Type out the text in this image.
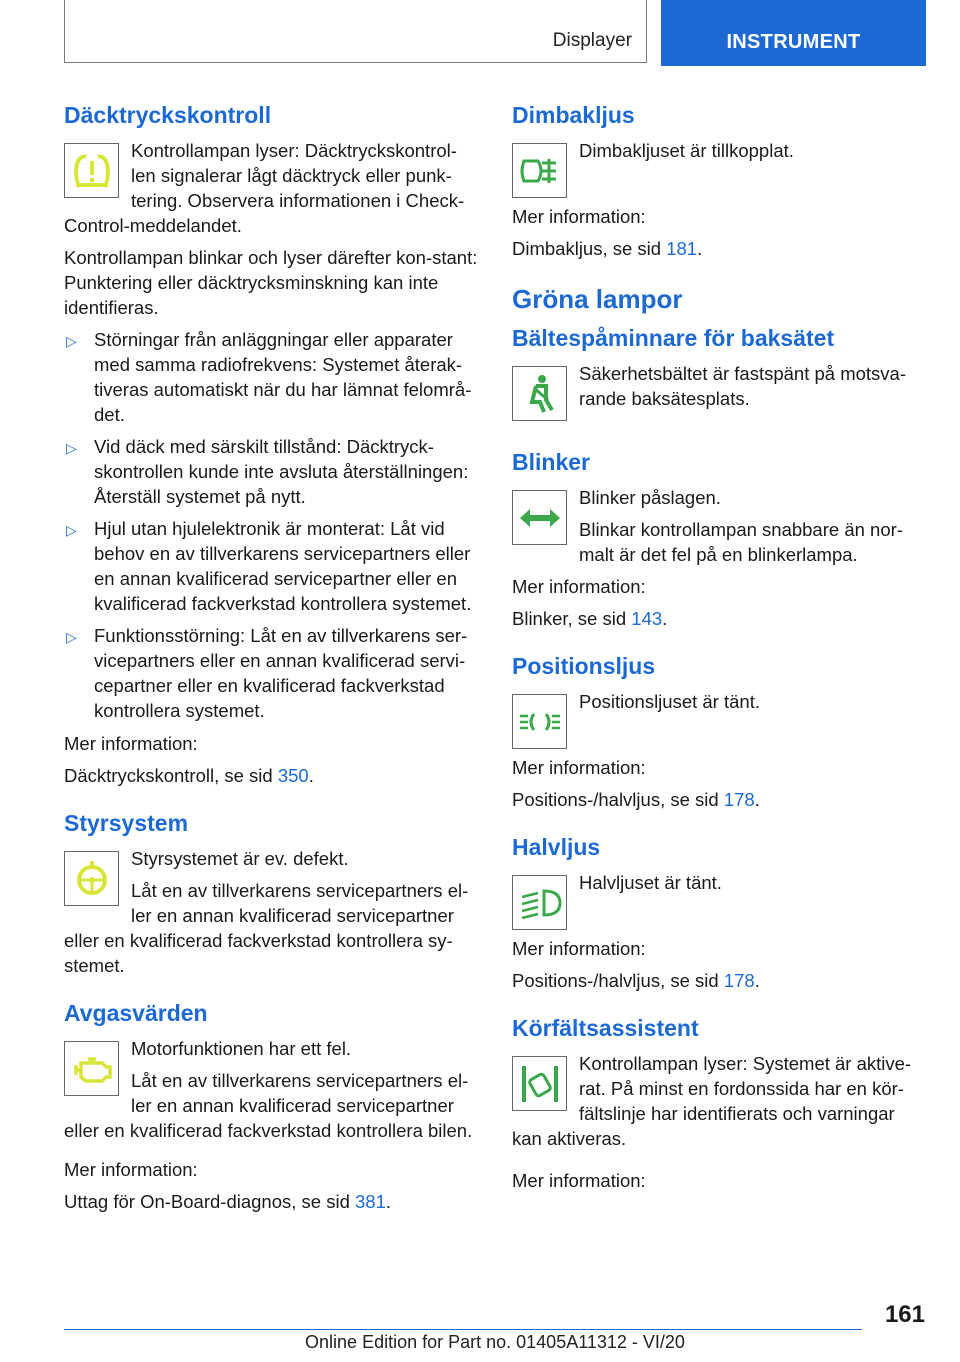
Displayer	INSTRUMENT
Däcktryckskontroll

Kontrollampan lyser: Däcktryckskontrol-len signalerar lågt däcktryck eller punk-tering. Observera informationen i Check-Control-meddelandet.

Kontrollampan blinkar och lyser därefter kon-stant: Punktering eller däcktrycksminskning kan inte identifieras.

▷ Störningar från anläggningar eller apparater med samma radiofrekvens: Systemet återak-tiveras automatiskt när du har lämnat felområ-det.
▷ Vid däck med särskilt tillstånd: Däcktryck-skontrollen kunde inte avsluta återställningen: Återställ systemet på nytt.
▷ Hjul utan hjulelektronik är monterat: Låt vid behov en av tillverkarens servicepartners eller en annan kvalificerad servicepartner eller en kvalificerad fackverkstad kontrollera systemet.
▷ Funktionsstörning: Låt en av tillverkarens ser-vicepartners eller en annan kvalificerad servi-cepartner eller en kvalificerad fackverkstad kontrollera systemet.

Mer information:

Däcktryckskontroll, se sid 350.

Styrsystem

Styrsystemet är ev. defekt.

Låt en av tillverkarens servicepartners el-ler en annan kvalificerad servicepartner eller en kvalificerad fackverkstad kontrollera sy-stemet.

Avgasvärden

Motorfunktionen har ett fel.

Låt en av tillverkarens servicepartners el-ler en annan kvalificerad servicepartner eller en kvalificerad fackverkstad kontrollera bilen.

Mer information:

Uttag för On-Board-diagnos, se sid 381.

Dimbakljus

Dimbakljuset är tillkopplat.

Mer information:

Dimbakljus, se sid 181.

Gröna lampor
Bältespåminnare för baksätet

Säkerhetsbältet är fastspänt på motsva-rande baksätesplats.

Blinker

Blinker påslagen.

Blinkar kontrollampan snabbare än nor-malt är det fel på en blinkerlampa.

Mer information:

Blinker, se sid 143.

Positionsljus

Positionsljuset är tänt.

Mer information:

Positions-/halvljus, se sid 178.

Halvljus

Halvljuset är tänt.

Mer information:

Positions-/halvljus, se sid 178.

Körfältsassistent

Kontrollampan lyser: Systemet är aktive-rat. På minst en fordonssida har en kör-fältslinje har identifierats och varningar kan aktiveras.

Mer information:

161
Online Edition for Part no. 01405A11312 - VI/20
